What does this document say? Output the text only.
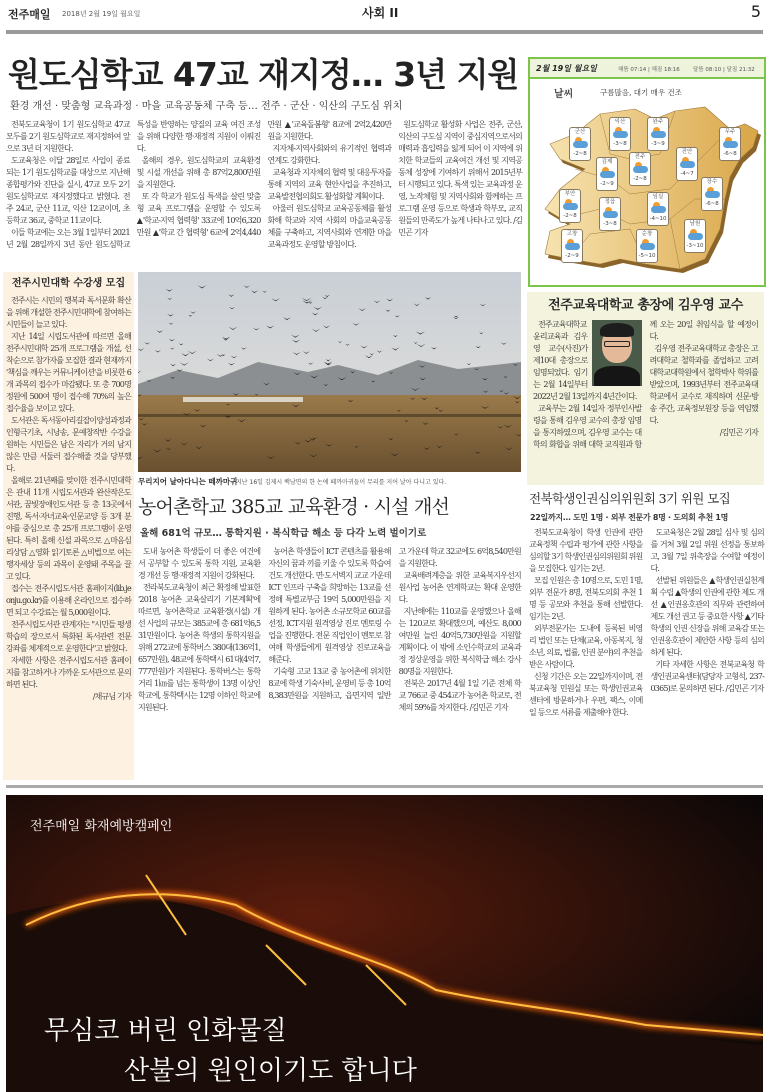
전주매일 2018년 2월 19일 월요일	사회 II	5
원도심학교 47교 재지정… 3년 지원
환경 개선 · 맞춤형 교육과정 · 마을 교육공동체 구축 등… 전주 · 군산 · 익산의 구도심 위치

전북도교육청이 1기 원도심학교 47교 모두를 2기 원도심학교로 재지정하여 앞으로 3년 더 지원한다.

도교육청은 이달 28일로 사업이 종료되는 1기 원도심학교를 대상으로 지난해 종합평가와 진단을 실시, 47교 모두 2기 원도심학교로 재지정했다고 밝혔다. 전주 24교, 군산 11교, 익산 12교이며, 초등학교 36교, 중학교 11교이다.

이들 학교에는 오는 3월 1일부터 2021년 2월 28일까지 3년 동안 원도심학교 특성을 반영하는 양질의 교육 여건 조성을 위해 다양한 행·재정적 지원이 이뤄진다.

올해의 경우, 원도심학교의 교육환경 및 시설 개선을 위해 총 87억2,800만원을 지원한다.

또 각 학교가 원도심 특색을 살린 맞춤형 교육 프로그램을 운영할 수 있도록 ▲'학교-지역 협력형' 33교에 10억6,320만원 ▲'학교 간 협력형' 6교에 2억4,440만원 ▲'교육돌봄형' 8교에 2억2,420만원을 지원한다.

지자체-지역사회와의 유기적인 협력과 연계도 강화한다.

교육청과 지자체의 협력 및 대응투자를 통해 지역의 교육 현안사업을 추진하고, 교육발전협의회도 활성화할 계획이다.

아울러 원도심학교 교육공동체를 활성화해 학교와 지역 사회의 마을교육공동체를 구축하고, 지역사회와 연계한 마을 교육과정도 운영할 방침이다.

원도심학교 활성화 사업은 전주, 군산, 익산의 구도심 지역이 중심지역으로서의 매력과 흡입력을 잃게 되어 이 지역에 위치한 학교들의 교육여건 개선 및 지역공동체 성장에 기여하기 위해서 2015년부터 시행되고 있다. 특색 있는 교육과정 운영, 노작체험 및 지역사회와 함께하는 프로그램 운영 등으로 학생과 학부모, 교직원들의 만족도가 높게 나타나고 있다. /김민곤 기자

2월 19일 월요일	해뜸 07:14 | 해짐 18:16 달뜸 08:10 | 달짐 21:32
날씨	구름많음, 대기 매우 건조
군산
-2~8
익산
-3~8
완주
-3~9
무주
-6~8
김제
-2~9
전주
-2~8
진안
-4~7
부안
-2~8
정읍
-3~8
임실
-4~10
장수
-6~8
고창
-2~9
순창
-5~10
남원
-3~10
전주시민대학 수강생 모집

전주시는 시민의 행복과 독서문화 확산을 위해 개설한 전주시민대학에 참여하는 시민들이 늘고 있다.

지난 14일 시립도서관에 따르면 올해 전주시민대학 25개 프로그램을 개설, 선착순으로 참가자를 모집한 결과 현재까지 '책심을 깨우는 커뮤니케이션'을 비롯한 6개 과목의 접수가 마감됐다. 또 총 700명 정원에 500여 명이 접수해 70%의 높은 접수율을 보이고 있다.

도서관은 독서동아리길잡이양성과정과 인형극기초, 시낭송, 문예창작반 수강을 원하는 시민들은 남은 자리가 거의 남지 않은 만큼 서둘러 접수해줄 것을 당부했다.

올해로 21년째를 맞이한 전주시민대학은 관내 11개 시립도서관과 완산작은도서관, 꿈빛장애인도서관 등 총 13곳에서 진행, 독서·자녀교육·인문교양 등 3개 분야를 중심으로 총 25개 프로그램이 운영된다. 특히 올해 신설 과목으로 △마음심리상담 △영화 읽기토론 △비법으로 여는 행자세상 등의 과목이 운영돼 주목을 끌고 있다.

접수는 전주시립도서관 홈페이지(lib.jeonju.go.kr)를 이용해 온라인으로 접수하면 되고 수강료는 월 5,000원이다.

전주시립도서관 관계자는 "시민들 평생학습의 장으로서 특화된 독서관련 전문 강좌를 체계적으로 운영한다"고 밝혔다.

자세한 사항은 전주시립도서관 홈페이지를 참고하거나 가까운 도서관으로 문의하면 된다.

/채규님 기자

무리지어 날아다니는 떼까마귀
지난 16일 김제시 백남면의 한 논에 떼까마귀들이 무리를 지어 날아 다니고 있다.
농어촌학교 385교 교육환경 · 시설 개선
올해 681억 규모… 통학지원 · 복식학급 해소 등 다각 노력 벌이기로

도내 농어촌 학생들이 더 좋은 여건에서 공부할 수 있도록 통학 지원, 교육환경 개선 등 행·재정적 지원이 강화된다.

전라북도교육청이 최근 확정해 발표한 '2018 농어촌 교육살리기 기본계획'에 따르면, 농어촌학교 교육환경(시설) 개선 사업의 규모는 385교에 총 681억6,531만원이다. 농어촌 학생의 통학지원을 위해 272교에 통학버스 380대(136억1,657만원), 48교에 통학택시 61대(4억7,777만원)가 지원된다. 통학버스는 통학거리 1㎞를 넘는 통학생이 13명 이상인 학교에, 통학택시는 12명 이하인 학교에 지원된다.

농어촌 학생들이 ICT 콘텐츠를 활용해 자신의 꿈과 끼를 키울 수 있도록 학습여건도 개선한다. 면·도서벽지 교교 가운데 ICT 인프라 구축을 희망하는 13교를 선정해 특별교부금 19억 5,000만원을 지원하게 된다. 농어촌 소규모학교 60교를 선정, ICT지원 원격영상 진로 멘토링 수업을 진행한다. 전문 직업인이 멘토로 참여해 학생들에게 원격영상 진로교육을 해준다.

기숙형 고교 13교 중 농어촌에 위치한 8교에 학생 기숙사비, 운영비 등 총 10억8,383만원을 지원하고, 읍면지역 일반고 가운데 학교 32교에도 6억8,540만원을 지원한다.

교육배려계층을 위한 교육복지우선지원사업 농어촌 연계학교는 확대 운영한다.

지난해에는 110교를 운영했으나 올해는 120교로 확대했으며, 예산도 8,000여만원 늘린 40억5,730만원을 지원할 계획이다. 이 밖에 소인수학교의 교육과정 정상운영을 위한 복식학급 해소 강사 80명을 지원한다.

전북은 2017년 4월 1일 기준 전체 학교 766교 중 454교가 농어촌 학교로, 전체의 59%를 차지한다. /김민곤 기자

전주교육대학교 총장에 김우영 교수

전주교육대학교 윤리교육과 김우영 교수(사진)가 제10대 총장으로 임명되었다. 임기는 2월 14일부터 2022년 2월 13일까지 4년간이다.

교육부는 2월 14일자 정부인사발령을 통해 김우영 교수의 총장 임명을 통지하였으며, 김우영 교수는 대학의 화합을 위해 대학 교직원과 함께 오는 20일 취임식을 할 예정이다.

김우영 전주교육대학교 총장은 고려대학교 철학과를 졸업하고 고려대학교대학원에서 철학박사 학위를 받았으며, 1993년부터 전주교육대학교에서 교수로 재직하며 신문·방송 주간, 교육정보원장 등을 역임했다.

/김민곤 기자

전북학생인권심의위원회 3기 위원 모집
22일까지… 도민 1명 · 외부 전문가 8명 · 도의회 추천 1명

전북도교육청이 학생 인권에 관한 교육정책 수립과 평가에 관한 사항을 심의할 3기 학생인권심의위원회 위원을 모집한다. 임기는 2년.

모집 인원은 총 10명으로, 도민 1명, 외부 전문가 8명, 전북도의회 추천 1명 등 공모와 추천을 통해 선발한다. 임기는 2년.

외부전문가는 도내에 등록된 비영리 법인 또는 단체(교육, 아동복지, 청소년, 의료, 법률, 인권 분야)의 추천을 받은 사람이다.

신청 기간은 오는 22일까지이며, 전북교육청 민원실 또는 학생인권교육센터에 방문하거나 우편, 팩스, 이메일 등으로 서류를 제출해야 한다.

도교육청은 2월 28일 심사 및 심의를 거쳐 3월 2일 위원 선정을 통보하고, 3월 7일 위촉장을 수여할 예정이다.

선발된 위원들은 ▲학생인권실천계획 수립 ▲학생의 인권에 관한 제도 개선 ▲인권옹호관의 직무와 관련하여 제도 개선 권고 등 중요한 사항 ▲기타 학생의 인권 신장을 위해 교육감 또는 인권옹호관이 제안한 사항 등의 심의하게 된다.

기타 자세한 사항은 전북교육청 학생인권교육센터(담당자 고형석, 237-0365)로 문의하면 된다. /김민곤 기자

전주매일 화재예방캠페인
무심코 버린 인화물질
산불의 원인이기도 합니다
